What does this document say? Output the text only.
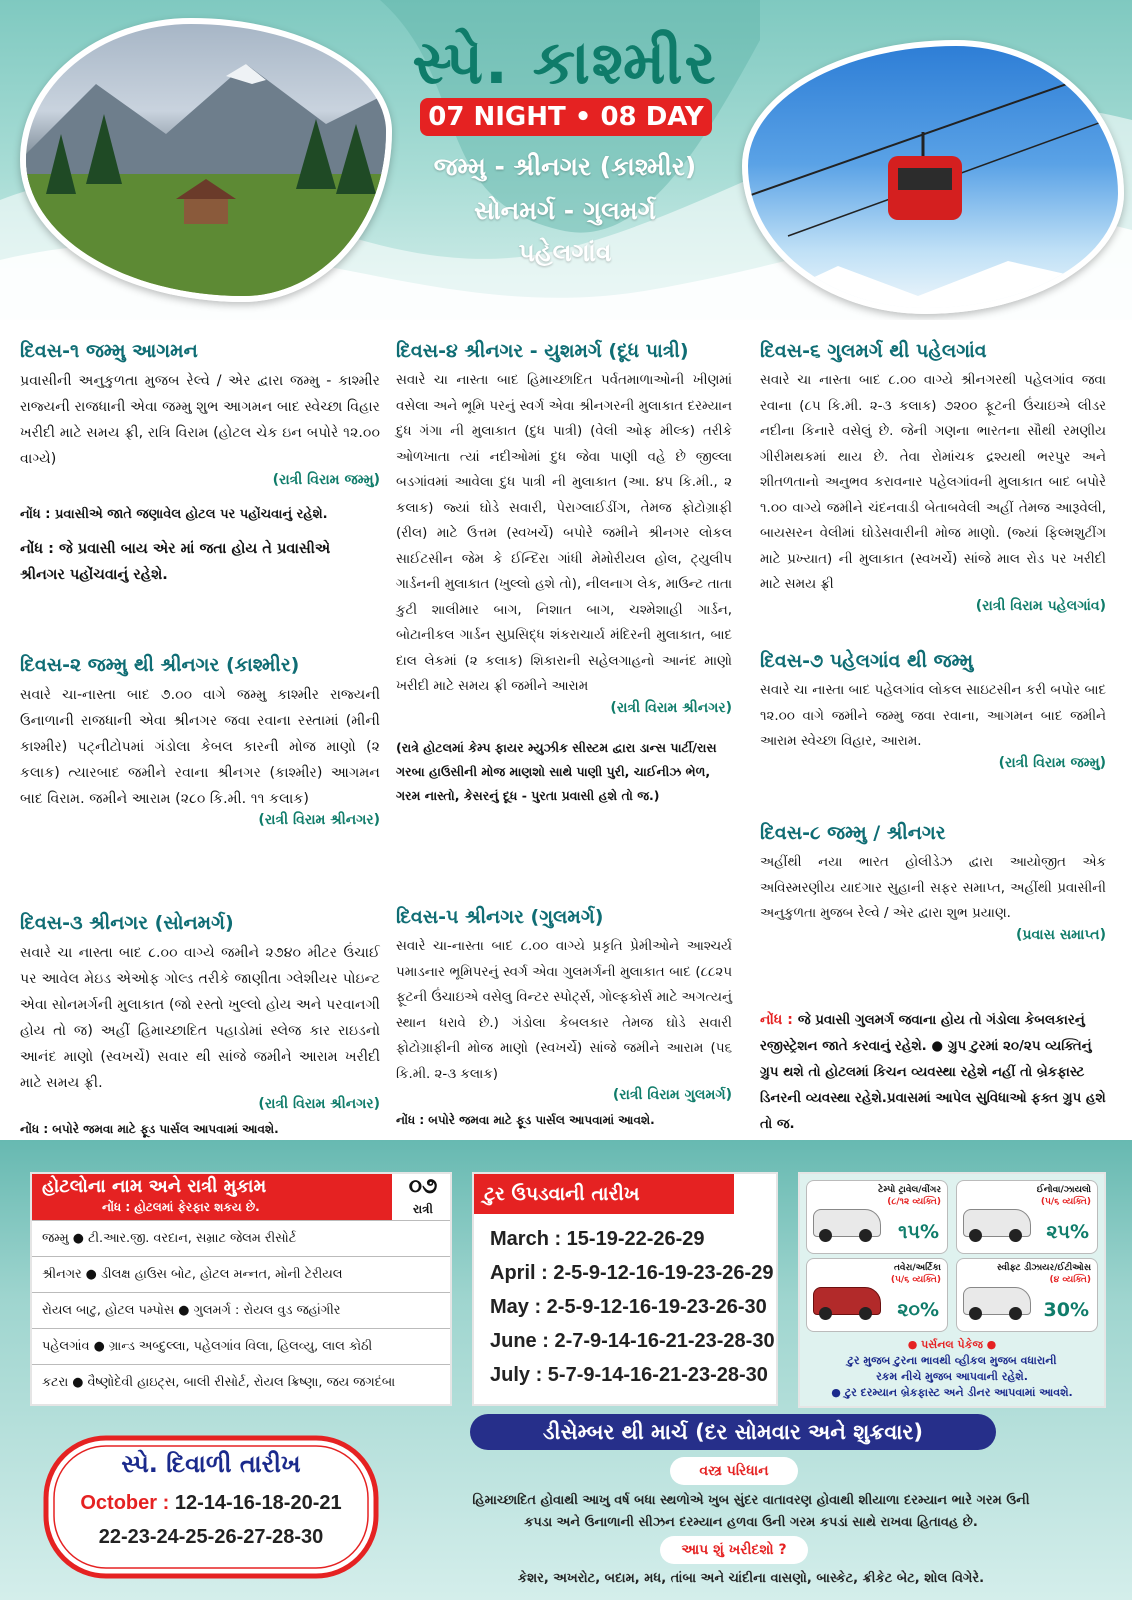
સ્પે. કાશ્મીર
07 NIGHT • 08 DAY
જમ્મુ - શ્રીનગર (કાશ્મીર)
સોનમર્ગ - ગુલમર્ગ
પહેલગાંવ
દિવસ-૧ જમ્મુ આગમન
પ્રવાસીની અનુકુળતા મુજબ રેલ્વે / એર દ્વારા જમ્મુ - કાશ્મીર રાજ્યની રાજધાની એવા જમ્મુ શુભ આગમન બાદ સ્વેચ્છા વિહાર ખરીદી માટે સમય ફ્રી, રાત્રિ વિરામ (હોટલ ચેક ઇન બપોરે ૧૨.૦૦ વાગ્યે)
(રાત્રી વિરામ જમ્મુ)
નોંધ : પ્રવાસીએ જાતે જણાવેલ હોટલ પર પહોંચવાનું રહેશે.
નોંધ : જે પ્રવાસી બાય એર માં જતા હોય તે પ્રવાસીએ શ્રીનગર પહોંચવાનું રહેશે.
દિવસ-૨ જમ્મુ થી શ્રીનગર (કાશ્મીર)
સવારે ચા-નાસ્તા બાદ ૭.૦૦ વાગે જમ્મુ કાશ્મીર રાજ્યની ઉનાળાની રાજધાની એવા શ્રીનગર જવા રવાના રસ્તામાં (મીની કાશ્મીર) પટ્નીટોપમાં ગંડોલા કેબલ કારની મોજ માણો (૨ કલાક) ત્યારબાદ જમીને રવાના શ્રીનગર (કાશ્મીર) આગમન બાદ વિરામ. જમીને આરામ (૨૮૦ કિ.મી. ૧૧ કલાક)
(રાત્રી વિરામ શ્રીનગર)
દિવસ-૩ શ્રીનગર (સોનમર્ગ)
સવારે ચા નાસ્તા બાદ ૮.૦૦ વાગ્યે જમીને ૨૭૪૦ મીટર ઉંચાઈ પર આવેલ મેઇડ એઓફ ગોલ્ડ તરીકે જાણીતા ગ્લેશીયર પોઇન્ટ એવા સોનમર્ગની મુલાકાત (જો રસ્તો ખુલ્લો હોય અને પરવાનગી હોય તો જ) અહીં હિમાચ્છાદિત પહાડોમાં સ્લેજ કાર રાઇડનો આનંદ માણો (સ્વખર્ચે) સવાર થી સાંજે જમીને આરામ ખરીદી માટે સમય ફ્રી.
(રાત્રી વિરામ શ્રીનગર)
નોંધ : બપોરે જમવા માટે ફૂડ પાર્સલ આપવામાં આવશે.
દિવસ-૪ શ્રીનગર - યુશમર્ગ (દૂધ પાત્રી)
સવારે ચા નાસ્તા બાદ હિમાચ્છાદિત પર્વતમાળાઓની ખીણમાં વસેલા અને ભૂમિ પરનું સ્વર્ગ એવા શ્રીનગરની મુલાકાત દરમ્યાન દુધ ગંગા ની મુલાકાત (દુધ પાત્રી) (વેલી ઓફ મીલ્ક) તરીકે ઓળખાતા ત્યાં નદીઓમાં દુધ જેવા પાણી વહે છે જીલ્લા બડગાંવમાં આવેલા દુધ પાત્રી ની મુલાકાત (આ. ૪૫ કિ.મી., ૨ કલાક) જ્યાં ઘોડે સવારી, પેરાગ્લાઈડીંગ, તેમજ ફોટોગ્રાફી (રીલ) માટે ઉત્તમ (સ્વખર્ચે) બપોરે જમીને શ્રીનગર લોકલ સાઈટસીન જેમ કે ઈન્દિરા ગાંધી મેમોરીયલ હોલ, ટ્યુલીપ ગાર્ડનની મુલાકાત (ખુલ્લો હશે તો), નીલનાગ લેક, માઉન્ટ તાતા કુટી શાલીમાર બાગ, નિશાત બાગ, ચશ્મેશાહી ગાર્ડન, બોટાનીકલ ગાર્ડન સુપ્રસિદ્ધ શંકરાચાર્ય મંદિરની મુલાકાત, બાદ દાલ લેકમાં (૨ કલાક) શિકારાની સહેલગાહનો આનંદ માણો ખરીદી માટે સમય ફ્રી જમીને આરામ
(રાત્રી વિરામ શ્રીનગર)
(રાત્રે હોટલમાં કેમ્પ ફાયર મ્યુઝીક સીસ્ટમ દ્વારા ડાન્સ પાર્ટી/રાસ ગરબા હાઉસીની મોજ માણશો સાથે પાણી પુરી, ચાઈનીઝ ભેળ, ગરમ નાસ્તો, કેસરનું દૂધ - પુરતા પ્રવાસી હશે તો જ.)
દિવસ-૫ શ્રીનગર (ગુલમર્ગ)
સવારે ચા-નાસ્તા બાદ ૮.૦૦ વાગ્યે પ્રકૃતિ પ્રેમીઓને આશ્ચર્ય પમાડનાર ભૂમિપરનું સ્વર્ગ એવા ગુલમર્ગની મુલાકાત બાદ (૮૮૨૫ ફૂટની ઉંચાઇએ વસેલુ વિન્ટર સ્પોર્ટ્સ, ગોલ્ફકોર્સ માટે અગત્યનું સ્થાન ધરાવે છે.) ગંડોલા કેબલકાર તેમજ ઘોડે સવારી ફોટોગ્રાફીની મોજ માણો (સ્વખર્ચે) સાંજે જમીને આરામ (૫૬ કિ.મી. ૨-૩ કલાક)
(રાત્રી વિરામ ગુલમર્ગ)
નોંધ : બપોરે જમવા માટે ફૂડ પાર્સલ આપવામાં આવશે.
દિવસ-૬ ગુલમર્ગ થી પહેલગાંવ
સવારે ચા નાસ્તા બાદ ૮.૦૦ વાગ્યે શ્રીનગરથી પહેલગાંવ જવા રવાના (૮૫ કિ.મી. ૨-૩ કલાક) ૭૨૦૦ ફૂટની ઉંચાઇએ લીડર નદીના કિનારે વસેલું છે. જેની ગણના ભારતના સૌથી રમણીય ગીરીમથકમાં થાય છે. તેવા રોમાંચક દ્રશ્યથી ભરપુર અને શીતળતાનો અનુભવ કરાવનાર પહેલગાંવની મુલાકાત બાદ બપોરે ૧.૦૦ વાગ્યે જમીને ચંદનવાડી બેતાબવેલી અહીં તેમજ આરૂવેલી, બાયસરન વેલીમાં ઘોડેસવારીની મોજ માણો. (જ્યાં ફિલ્મશુટીંગ માટે પ્રખ્યાત) ની મુલાકાત (સ્વખર્ચે) સાંજે માલ રોડ પર ખરીદી માટે સમય ફ્રી
(રાત્રી વિરામ પહેલગાંવ)
દિવસ-૭ પહેલગાંવ થી જમ્મુ
સવારે ચા નાસ્તા બાદ પહેલગાંવ લોકલ સાઇટસીન કરી બપોર બાદ ૧૨.૦૦ વાગે જમીને જમ્મુ જવા રવાના, આગમન બાદ જમીને આરામ સ્વેચ્છા વિહાર, આરામ.
(રાત્રી વિરામ જમ્મુ)
દિવસ-૮ જમ્મુ / શ્રીનગર
અહીંથી નયા ભારત હોલીડેઝ દ્વારા આયોજીત એક અવિસ્મરણીય યાદગાર સુહાની સફર સમાપ્ત, અહીંથી પ્રવાસીની અનુકુળતા મુજબ રેલ્વે / એર દ્વારા શુભ પ્રયાણ.
(પ્રવાસ સમાપ્ત)
નોંધ : જે પ્રવાસી ગુલમર્ગ જવાના હોય તો ગંડોલા કેબલકારનું રજીસ્ટ્રેશન જાતે કરવાનું રહેશે. ● ગ્રુપ ટુરમાં ૨૦/૨૫ વ્યક્તિનું ગ્રુપ થશે તો હોટલમાં કિચન વ્યવસ્થા રહેશે નહીં તો બ્રેકફાસ્ટ ડિનરની વ્યવસ્થા રહેશે.પ્રવાસમાં આપેલ સુવિધાઓ ફક્ત ગ્રુપ હશે તો જ.
હોટલોના નામ અને રાત્રી મુકામ
નોંધ : હોટલમાં ફેરફાર શકય છે.
૦૭
રાત્રી
જમ્મુ ● ટી.આર.જી. વરદાન, સમ્રાટ જેલમ રીસોર્ટ
શ્રીનગર ● ડીલક્ષ હાઉસ બોટ, હોટલ મન્નત, મોની ટેરીયલ
રોયલ બાટુ, હોટલ પમ્પોસ ● ગુલમર્ગ : રોયલ વુડ જહાંગીર
પહેલગાંવ ● ગ્રાન્ડ અબ્દુલ્લા, પહેલગાંવ વિલા, હિલવ્યુ, લાલ કોઠી
કટરા ● વૈષ્ણોદેવી હાઇટ્સ, બાલી રીસોર્ટ, રોયલ ક્રિષ્ણા, જય જગદંબા
ટુર ઉપડવાની તારીખ
March : 15-19-22-26-29
April : 2-5-9-12-16-19-23-26-29
May : 2-5-9-12-16-19-23-26-30
June : 2-7-9-14-16-21-23-28-30
July : 5-7-9-14-16-21-23-28-30
ટેમ્પો ટ્રાવેલ/વીંગર
(૮/૧૨ વ્યક્તિ)
૧૫%
ઈનોવા/ઝાયલો
(૫/૬ વ્યક્તિ)
૨૫%
તવેરા/અર્ટિકા
(૫/૬ વ્યક્તિ)
૨૦%
સ્વીફ્ટ ડીઝાયર/ઈટીઓસ
(૪ વ્યક્તિ)
30%
● પર્સનલ પેકેજ ●
ટુર મુજબ ટુરના ભાવથી વ્હીકલ મુજબ વધારાની
રકમ નીચે મુજબ આપવાની રહેશે.
● ટુર દરમ્યાન બ્રેકફાસ્ટ અને ડીનર આપવામાં આવશે.
ડીસેમ્બર થી માર્ચ (દર સોમવાર અને શુક્રવાર)
સ્પે. દિવાળી તારીખ
October : 12-14-16-18-20-21
22-23-24-25-26-27-28-30
વસ્ત્ર પરિધાન
હિમાચ્છાદિત હોવાથી આખુ વર્ષ બધા સ્થળોએ ખુબ સુંદર વાતાવરણ હોવાથી શીયાળા દરમ્યાન ભારે ગરમ ઉની
કપડા અને ઉનાળાની સીઝન દરમ્યાન હળવા ઉની ગરમ કપડાં સાથે રાખવા હિતાવહ છે.
આપ શું ખરીદશો ?
કેશર, અખરોટ, બદામ, મધ, તાંબા અને ચાંદીના વાસણો, બાસ્કેટ, ક્રીકેટ બેટ, શોલ વિગેરે.
